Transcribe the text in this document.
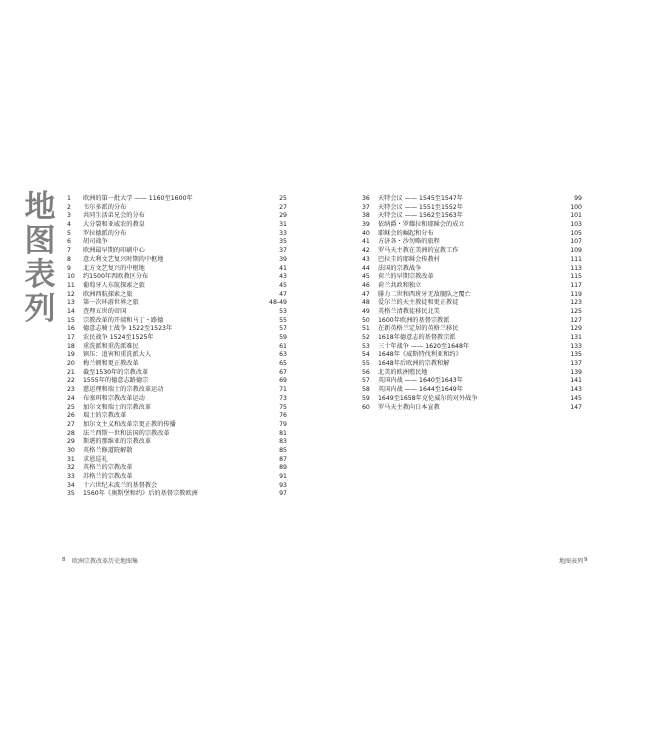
地图表列
1	欧洲的第一批大学 —— 1160至1600年	25
2	韦尔多派的分布	27
3	共同生活弟兄会的分布	29
4	大分裂和亚威农的教皇	31
5	罗拉德派的分布	33
6	胡司战争	35
7	欧洲最早期的印刷中心	37
8	意大利文艺复兴时期的中枢地	39
9	北方文艺复兴的中枢地	41
10	约1500年西欧教区分布	43
11	葡萄牙人东航探索之旅	45
12	欧洲西航探索之旅	47
13	第一次环游世界之旅	48-49
14	查理五世的帝国	53
15	宗教改革的开端和马丁・路德	55
16	德意志骑士战争 1522至1523年	57
17	农民战争 1524至1525年	59
18	重洗派和重洗派难民	61
19	镇压：追害和重洗派大人	63
20	梅兰顿和更正教改革	65
21	截至1530年的宗教改革	67
22	1555年的德意志路德宗	69
23	慈运理和瑞士的宗教改革运动	71
24	布塞珥和宗教改革运动	73
25	加尔文和瑞士的宗教改革	75
26	瑞士的宗教改革	76
27	加尔文主义和改革宗更正教的传播	79
28	法兰西斯一世和法国的宗教改革	81
29	斯堪的那维亚的宗教改革	83
30	英格兰修道院解散	85
31	求恩巡礼	87
32	英格兰的宗教改革	89
33	苏格兰的宗教改革	91
34	十六世纪末波兰的基督教会	93
35	1560年《奥斯堡和约》后的基督宗教欧洲	97
36	天特会议 —— 1545至1547年	99
37	天特会议 —— 1551至1552年	100
38	天特会议 —— 1562至1563年	101
39	依纳爵・罗耀拉和耶稣会的成立	103
40	耶稣会的崛起和分布	105
41	方济各・沙勿略的旅程	107
42	罗马天主教在美洲的宣教工作	109
43	巴拉圭的耶稣会传教村	111
44	法国的宗教战争	113
45	荷兰的早期宗教改革	115
46	荷兰共政和独立	117
47	腓力二世和西班牙无敌舰队之覆亡	119
48	爱尔兰的天主教徒和更正教徒	123
49	英格兰清教徒移民北美	125
50	1600年欧洲的基督宗教派	127
51	在新英格兰定居的英格兰移民	129
52	1618年德意志的基督教宗派	131
53	三十年战争 —— 1620至1648年	133
54	1648年《威斯特伐利亚和约》	135
55	1648年后欧洲的宗教和解	137
56	北美的欧洲殖民地	139
57	英国内战 —— 1640至1643年	141
58	英国内战 —— 1644至1649年	143
59	1649至1658年克伦威尔的对外战争	145
60	罗马天主教向日本宣教	147
8 欧洲宗教改革历史地图集	地图表列 9
